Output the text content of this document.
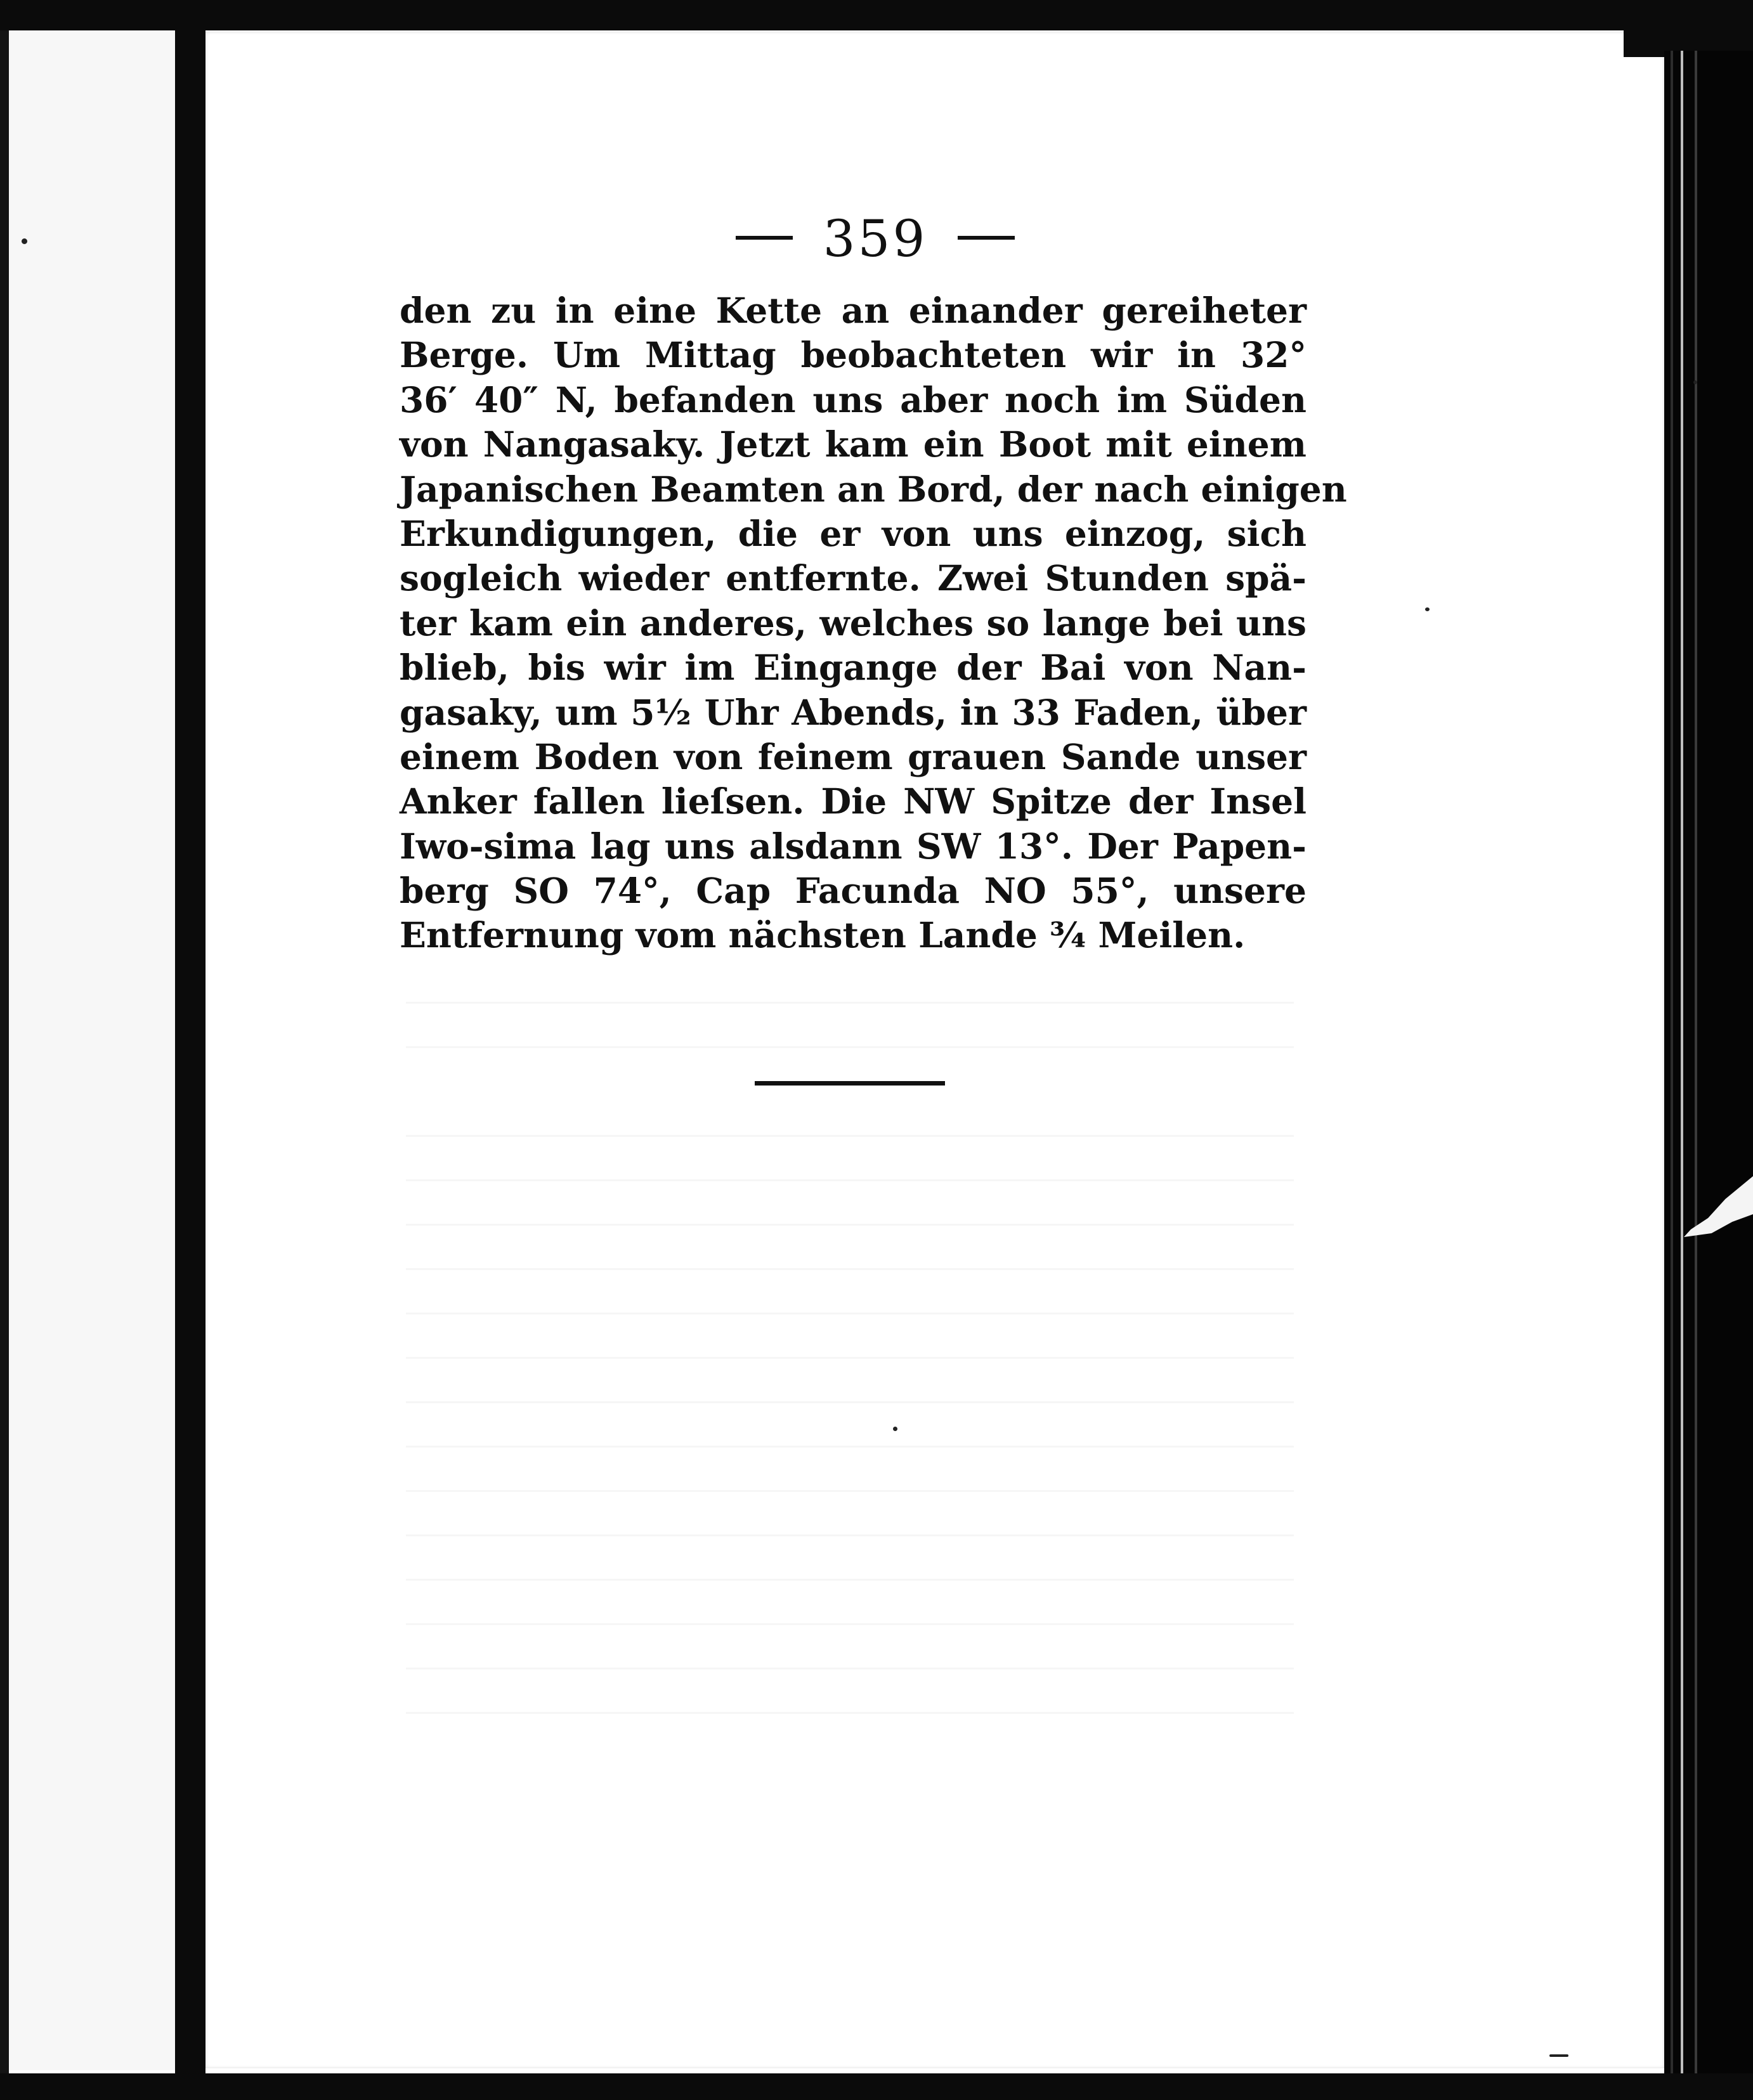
359
den zu in eine Kette an einander gereiheter
Berge. Um Mittag beobachteten wir in 32°
36′ 40″ N, befanden uns aber noch im Süden
von Nangasaky. Jetzt kam ein Boot mit einem
Japanischen Beamten an Bord, der nach einigen
Erkundigungen, die er von uns einzog, sich
sogleich wieder entfernte. Zwei Stunden spä-
ter kam ein anderes, welches so lange bei uns
blieb, bis wir im Eingange der Bai von Nan-
gasaky, um 5½ Uhr Abends, in 33 Faden, über
einem Boden von feinem grauen Sande unser
Anker fallen lieſsen. Die NW Spitze der Insel
Iwo-sima lag uns alsdann SW 13°. Der Papen-
berg SO 74°, Cap Facunda NO 55°, unsere
Entfernung vom nächsten Lande ¾ Meilen.
